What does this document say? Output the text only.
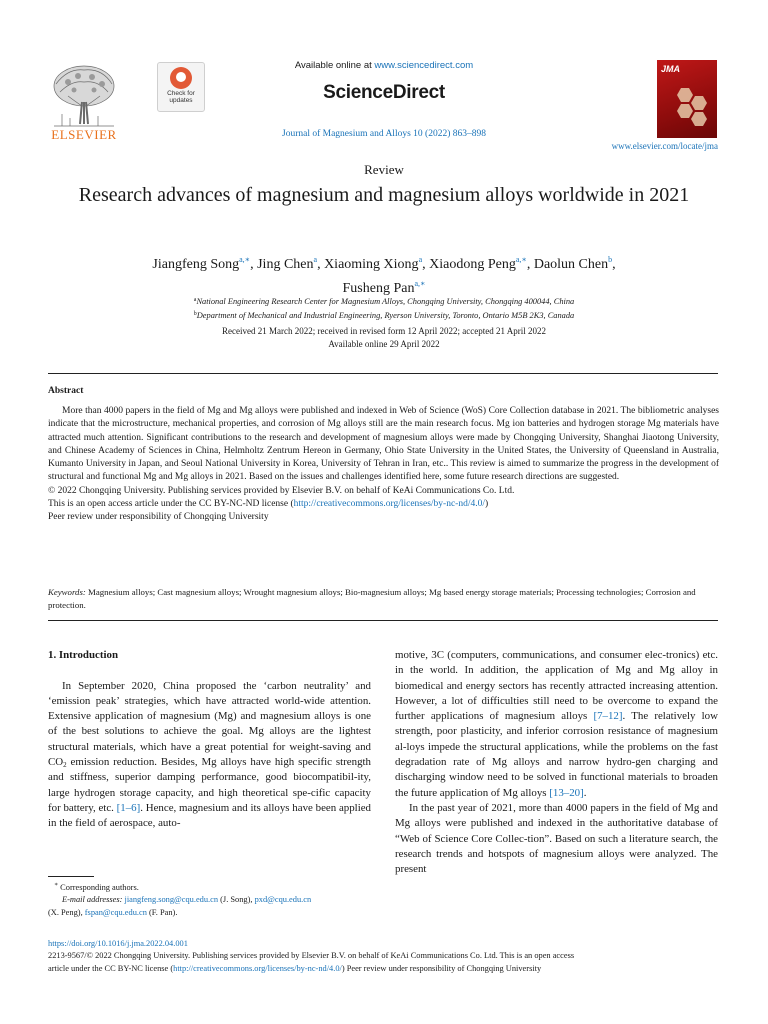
ELSEVIER
Check for
updates
Available online at www.sciencedirect.com
ScienceDirect
Journal of Magnesium and Alloys 10 (2022) 863–898
JMA
www.elsevier.com/locate/jma
Review
Research advances of magnesium and magnesium alloys worldwide in 2021
Jiangfeng Song$^{a,∗}$, Jing Chen$^a$, Xiaoming Xiong$^a$, Xiaodong Peng$^{a,∗}$, Daolun Chen$^b$,
Fusheng Pan$^{a,∗}$
$^a$National Engineering Research Center for Magnesium Alloys, Chongqing University, Chongqing 400044, China
$^b$Department of Mechanical and Industrial Engineering, Ryerson University, Toronto, Ontario M5B 2K3, Canada
Received 21 March 2022; received in revised form 12 April 2022; accepted 21 April 2022
Available online 29 April 2022
Abstract
More than 4000 papers in the field of Mg and Mg alloys were published and indexed in Web of Science (WoS) Core Collection database in 2021. The bibliometric analyses indicate that the microstructure, mechanical properties, and corrosion of Mg alloys still are the main research focus. Mg ion batteries and hydrogen storage Mg materials have attracted much attention. Significant contributions to the research and development of magnesium alloys were made by Chongqing University, Shanghai Jiaotong University, and Chinese Academy of Sciences in China, Helmholtz Zentrum Hereon in Germany, Ohio State University in the United States, the University of Queensland in Australia, Kumanto University in Japan, and Seoul National University in Korea, University of Tehran in Iran, etc.. This review is aimed to summarize the progress in the development of structural and functional Mg and Mg alloys in 2021. Based on the issues and challenges identified here, some future research directions are suggested.
© 2022 Chongqing University. Publishing services provided by Elsevier B.V. on behalf of KeAi Communications Co. Ltd.
This is an open access article under the CC BY-NC-ND license (http://creativecommons.org/licenses/by-nc-nd/4.0/)
Peer review under responsibility of Chongqing University
Keywords: Magnesium alloys; Cast magnesium alloys; Wrought magnesium alloys; Bio-magnesium alloys; Mg based energy storage materials; Processing technologies; Corrosion and protection.
1. Introduction
In September 2020, China proposed the ‘carbon neutrality’ and ‘emission peak’ strategies, which have attracted world-wide attention. Extensive application of magnesium (Mg) and magnesium alloys is one of the best solutions to achieve the goal. Mg alloys are the lightest structural materials, which have a great potential for weight-saving and $CO_2$ emission reduction. Besides, Mg alloys have high specific strength and stiffness, superior damping performance, good biocompatibil-ity, large hydrogen storage capacity, and high theoretical spe-cific capacity for battery, etc. [1–6]. Hence, magnesium and its alloys have been applied in the field of aerospace, auto-
motive, 3C (computers, communications, and consumer elec-tronics) etc. in the world. In addition, the application of Mg and Mg alloy in biomedical and energy sectors has recently attracted increasing attention. However, a lot of difficulties still need to be overcome to expand the further applications of magnesium alloys [7–12]. The relatively low strength, poor plasticity, and inferior corrosion resistance of magnesium al-loys impede the structural applications, while the problems on the fast degradation rate of Mg alloys and narrow hydro-gen charging and discharging window need to be solved in functional materials to broaden the future application of Mg alloys [13–20].
In the past year of 2021, more than 4000 papers in the field of Mg and Mg alloys were published and indexed in the authoritative database of “Web of Science Core Collec-tion”. Based on such a literature search, the research trends and hotspots of magnesium alloys were analyzed. The present
∗ Corresponding authors.
E-mail addresses: jiangfeng.song@cqu.edu.cn (J. Song), pxd@cqu.edu.cn
(X. Peng), fspan@cqu.edu.cn (F. Pan).
https://doi.org/10.1016/j.jma.2022.04.001
2213-9567/© 2022 Chongqing University. Publishing services provided by Elsevier B.V. on behalf of KeAi Communications Co. Ltd. This is an open access
article under the CC BY-NC license (http://creativecommons.org/licenses/by-nc-nd/4.0/) Peer review under responsibility of Chongqing University
